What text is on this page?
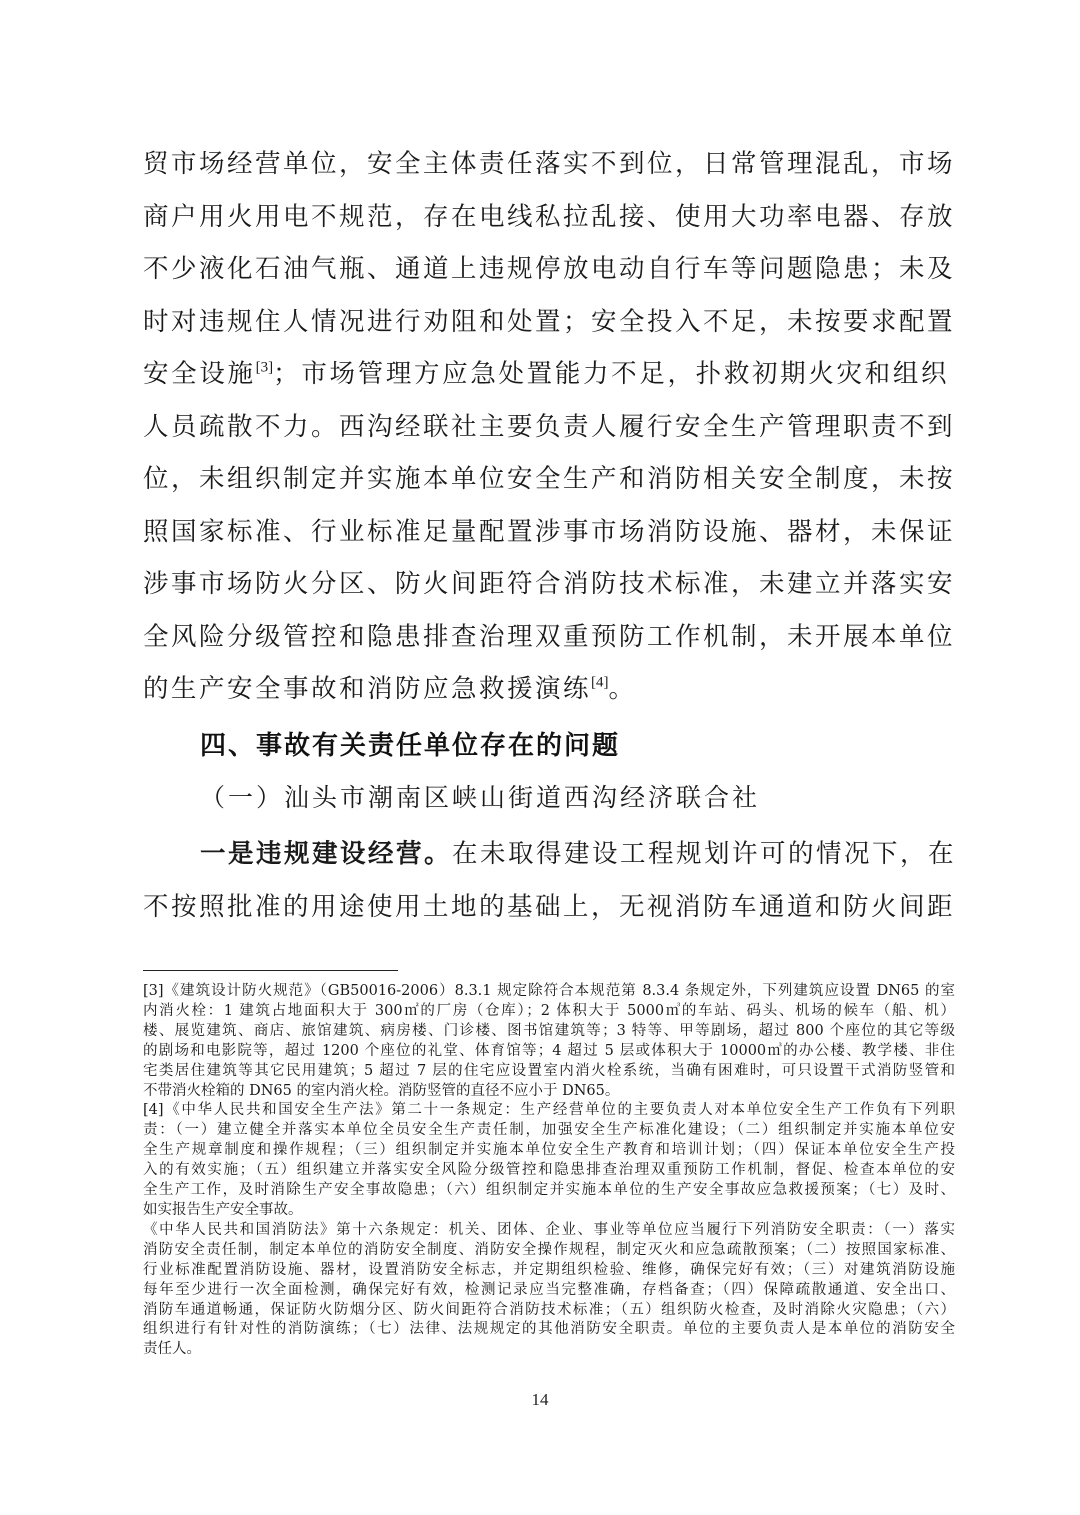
贸市场经营单位，安全主体责任落实不到位，日常管理混乱，市场
商户用火用电不规范，存在电线私拉乱接、使用大功率电器、存放
不少液化石油气瓶、通道上违规停放电动自行车等问题隐患；未及
时对违规住人情况进行劝阻和处置；安全投入不足，未按要求配置
安全设施[3]；市场管理方应急处置能力不足，扑救初期火灾和组织
人员疏散不力。西沟经联社主要负责人履行安全生产管理职责不到
位，未组织制定并实施本单位安全生产和消防相关安全制度，未按
照国家标准、行业标准足量配置涉事市场消防设施、器材，未保证
涉事市场防火分区、防火间距符合消防技术标准，未建立并落实安
全风险分级管控和隐患排查治理双重预防工作机制，未开展本单位
的生产安全事故和消防应急救援演练[4]。
四、事故有关责任单位存在的问题
（一）汕头市潮南区峡山街道西沟经济联合社
一是违规建设经营。在未取得建设工程规划许可的情况下，在
不按照批准的用途使用土地的基础上，无视消防车通道和防火间距
[3]《建筑设计防火规范》（GB50016-2006）8.3.1 规定除符合本规范第 8.3.4 条规定外，下列建筑应设置 DN65 的室
内消火栓：1 建筑占地面积大于 300㎡的厂房（仓库）；2 体积大于 5000㎥的车站、码头、机场的候车（船、机）
楼、展览建筑、商店、旅馆建筑、病房楼、门诊楼、图书馆建筑等；3 特等、甲等剧场，超过 800 个座位的其它等级
的剧场和电影院等，超过 1200 个座位的礼堂、体育馆等；4 超过 5 层或体积大于 10000㎥的办公楼、教学楼、非住
宅类居住建筑等其它民用建筑；5 超过 7 层的住宅应设置室内消火栓系统，当确有困难时，可只设置干式消防竖管和
不带消火栓箱的 DN65 的室内消火栓。消防竖管的直径不应小于 DN65。
[4]《中华人民共和国安全生产法》第二十一条规定：生产经营单位的主要负责人对本单位安全生产工作负有下列职
责：（一）建立健全并落实本单位全员安全生产责任制，加强安全生产标准化建设；（二）组织制定并实施本单位安
全生产规章制度和操作规程；（三）组织制定并实施本单位安全生产教育和培训计划；（四）保证本单位安全生产投
入的有效实施；（五）组织建立并落实安全风险分级管控和隐患排查治理双重预防工作机制，督促、检查本单位的安
全生产工作，及时消除生产安全事故隐患；（六）组织制定并实施本单位的生产安全事故应急救援预案；（七）及时、
如实报告生产安全事故。
《中华人民共和国消防法》第十六条规定：机关、团体、企业、事业等单位应当履行下列消防安全职责：（一）落实
消防安全责任制，制定本单位的消防安全制度、消防安全操作规程，制定灭火和应急疏散预案；（二）按照国家标准、
行业标准配置消防设施、器材，设置消防安全标志，并定期组织检验、维修，确保完好有效；（三）对建筑消防设施
每年至少进行一次全面检测，确保完好有效，检测记录应当完整准确，存档备查；（四）保障疏散通道、安全出口、
消防车通道畅通，保证防火防烟分区、防火间距符合消防技术标准；（五）组织防火检查，及时消除火灾隐患；（六）
组织进行有针对性的消防演练；（七）法律、法规规定的其他消防安全职责。单位的主要负责人是本单位的消防安全
责任人。
14
